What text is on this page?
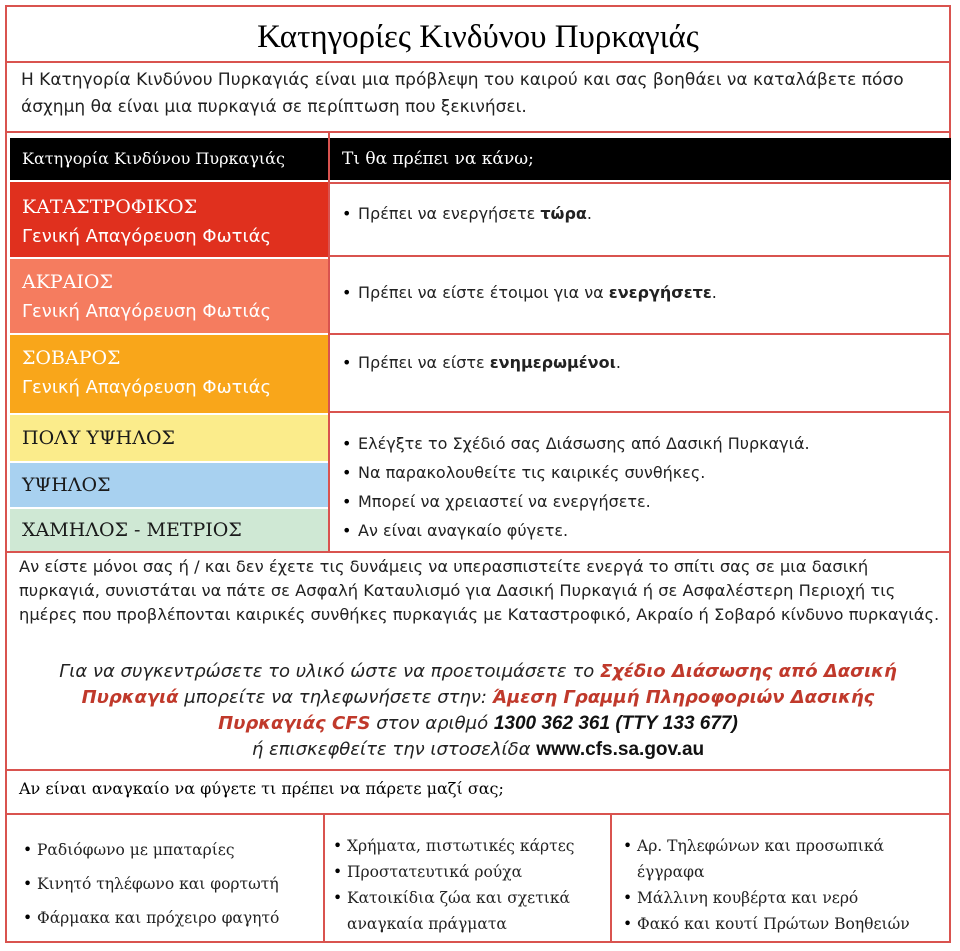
Κατηγορίες Κινδύνου Πυρκαγιάς
Η Κατηγορία Κινδύνου Πυρκαγιάς είναι μια πρόβλεψη του καιρού και σας βοηθάει να καταλάβετε πόσο άσχημη θα είναι μια πυρκαγιά σε περίπτωση που ξεκινήσει.
Κατηγορία Κινδύνου Πυρκαγιάς	Τι θα πρέπει να κάνω;
ΚΑΤΑΣΤΡΟΦΙΚΟΣ
Γενική Απαγόρευση Φωτιάς
ΑΚΡΑΙΟΣ
Γενική Απαγόρευση Φωτιάς
ΣΟΒΑΡΟΣ
Γενική Απαγόρευση Φωτιάς
ΠΟΛΥ ΥΨΗΛΟΣ
ΥΨΗΛΟΣ
ΧΑΜΗΛΟΣ - ΜΕΤΡΙΟΣ
• Πρέπει να ενεργήσετε τώρα.
• Πρέπει να είστε έτοιμοι για να ενεργήσετε.
• Πρέπει να είστε ενημερωμένοι.
• Ελέγξτε το Σχέδιό σας Διάσωσης από Δασική Πυρκαγιά.
• Να παρακολουθείτε τις καιρικές συνθήκες.
• Μπορεί να χρειαστεί να ενεργήσετε.
• Αν είναι αναγκαίο φύγετε.
Αν είστε μόνοι σας ή / και δεν έχετε τις δυνάμεις να υπερασπιστείτε ενεργά το σπίτι σας σε μια δασική πυρκαγιά, συνιστάται να πάτε σε Ασφαλή Καταυλισμό για Δασική Πυρκαγιά ή σε Ασφαλέστερη Περιοχή τις ημέρες που προβλέπονται καιρικές συνθήκες πυρκαγιάς με Καταστροφικό, Ακραίο ή Σοβαρό κίνδυνο πυρκαγιάς.
Για να συγκεντρώσετε το υλικό ώστε να προετοιμάσετε το Σχέδιο Διάσωσης από Δασική
Πυρκαγιά μπορείτε να τηλεφωνήσετε στην: Άμεση Γραμμή Πληροφοριών Δασικής
Πυρκαγιάς CFS στον αριθμό 1300 362 361 (ΤΤΥ 133 677)
ή επισκεφθείτε την ιστοσελίδα www.cfs.sa.gov.au
Αν είναι αναγκαίο να φύγετε τι πρέπει να πάρετε μαζί σας;
• Ραδιόφωνο με μπαταρίες
• Κινητό τηλέφωνο και φορτωτή
• Φάρμακα και πρόχειρο φαγητό
• Χρήματα, πιστωτικές κάρτες
• Προστατευτικά ρούχα
• Κατοικίδια ζώα και σχετικά αναγκαία πράγματα
• Αρ. Τηλεφώνων και προσωπικά έγγραφα
• Μάλλινη κουβέρτα και νερό
• Φακό και κουτί Πρώτων Βοηθειών
